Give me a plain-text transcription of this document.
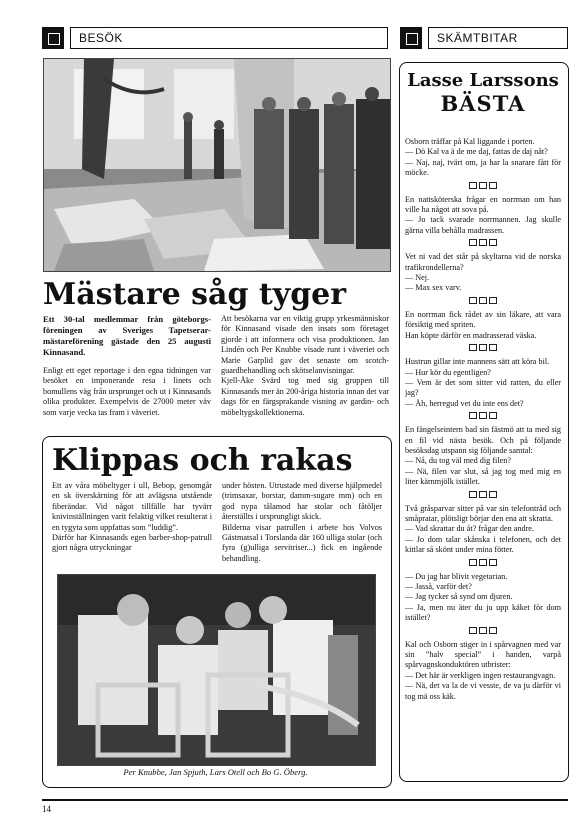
BESÖK	SKÄMTBITAR
Mästare såg tyger
Ett 30-tal medlemmar från göteborgs-föreningen av Sveriges Tapetserar-mästareförening gästade den 25 augusti Kinnasand.
Enligt ett eget reportage i den egna tidningen var besöket en imponerande resa i linets och bomullens väg från ursprunget och ut i Kinnasands olika produkter. Exempelvis de 27000 meter väv som varje vecka tas fram i väveriet.
Att besökarna var en viktig grupp yrkesmänniskor för Kinnasand visade den insats som företaget gjorde i att informera och visa produktionen. Jan Lindén och Per Knubbe visade runt i väveriet och Marie Garplid gav det senaste om scotch-guardbehandling och skötselanvisningar.
Kjell-Åke Svärd tog med sig gruppen till Kinnasands mer än 200-åriga historia innan det var dags för en färgsprakande visning av gardin- och möbeltygskollektionerna.
Klippas och rakas
Ett av våra möbeltyger i ull, Bebop, genomgår en sk överskärning för att avlägsna utstående fiberändar. Vid något tillfälle har tyvärr knivinställningen varit felaktig vilket resulterat i en tygyta som uppfattas som ”luddig”.
Därför har Kinnasands egen barber-shop-patrull gjort några utryckningar
under hösten. Utrustade med diverse hjälpmedel (trimsaxar, borstar, damm-sugare mm) och en god nypa tålamod har stolar och fåtöljer återställts i ursprungligt skick.
Bilderna visar patrullen i arbete hos Volvos Gästmatsal i Torslanda där 160 ulliga stolar (och fyra (g)ulliga servitriser...) fick en ingående behandling.
Per Knubbe, Jan Spjuth, Lars Otell och Bo G. Öberg.
Lasse Larssons
BÄSTA
Osborn träffar på Kal liggande i porten.
— Dö Kal va ä de me daj, fattas de daj nåt?
— Naj, naj, tvärt om, ja har la snarare fått för möcke.
En nattsköterska frågar en norrman om han ville ha något att sova på.
— Jo tack svarade norrmannen. Jag skulle gärna villa behålla madrassen.
Vet ni vad det står på skyltarna vid de norska trafikrondellerna?
— Nej.
— Max sex varv.
En norrman fick rådet av sin läkare, att vara försiktig med spriten.
Han köpte därför en madrasserad väska.
Hustrun gillar inte mannens sätt att köra bil.
— Hur kör du egentligen?
— Vem är det som sitter vid ratten, du eller jag?
— Åh, herregud vet du inte ens det?
En fängelseintern bad sin fästmö att ta med sig en fil vid nästa besök. Och på följande besöksdag utspann sig följande samtal:
— Nå, du tog väl med dig filen?
— Nä, filen var slut, så jag tog med mig en liter kärnmjölk istället.
Två gråsparvar sitter på var sin telefontråd och småpratar, plötsligt börjar den ena att skratta.
— Vad skrattar du åt? frågar den andre.
— Jo dom talar skånska i telefonen, och det kittlar så skönt under mina fötter.
— Du jag har blivit vegetarian.
— Jasså, varför det?
— Jag tycker så synd om djuren.
— Ja, men nu äter du ju upp käket för dom istället?
Kal och Osborn stiger in i spårvagnen med var sin ”halv special” i handen, varpå spårvagnskonduktören utbrister:
— Det här är verkligen ingen restaurangvagn.
— Nä, det va la de vi vesste, de va ju därför vi tog mä oss käk.
14
